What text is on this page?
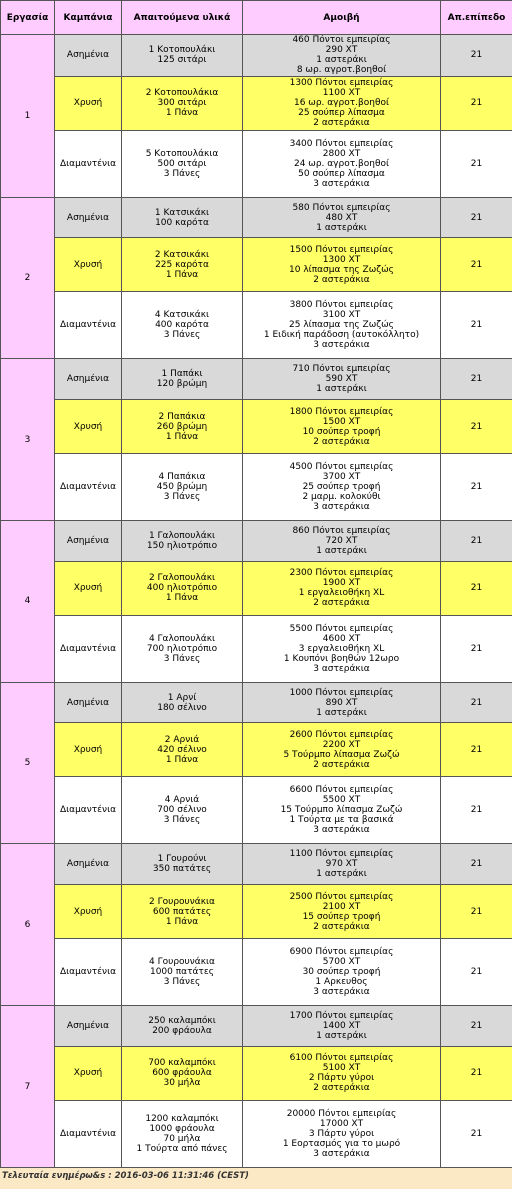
Εργασία	Καμπάνια	Απαιτούμενα υλικά	Αμοιβή	Απ.επίπεδο
1	Ασημένια	1 Κοτοπουλάκι
125 σιτάρι	460 Πόντοι εμπειρίας
290 ΧΤ
1 αστεράκι
8 ωρ. αγροτ.βοηθοί	21
	Χρυσή	2 Κοτοπουλάκια
300 σιτάρι
1 Πάνα	1300 Πόντοι εμπειρίας
1100 ΧΤ
16 ωρ. αγροτ.βοηθοί
25 σούπερ λίπασμα
2 αστεράκια	21
	Διαμαντένια	5 Κοτοπουλάκια
500 σιτάρι
3 Πάνες	3400 Πόντοι εμπειρίας
2800 ΧΤ
24 ωρ. αγροτ.βοηθοί
50 σούπερ λίπασμα
3 αστεράκια	21
2	Ασημένια	1 Κατσικάκι
100 καρότα	580 Πόντοι εμπειρίας
480 ΧΤ
1 αστεράκι	21
	Χρυσή	2 Κατσικάκι
225 καρότα
1 Πάνα	1500 Πόντοι εμπειρίας
1300 ΧΤ
10 λίπασμα της Ζωζώς
2 αστεράκια	21
	Διαμαντένια	4 Κατσικάκι
400 καρότα
3 Πάνες	3800 Πόντοι εμπειρίας
3100 ΧΤ
25 λίπασμα της Ζωζώς
1 Ειδική παράδοση (αυτοκόλλητο)
3 αστεράκια	21
3	Ασημένια	1 Παπάκι
120 βρώμη	710 Πόντοι εμπειρίας
590 ΧΤ
1 αστεράκι	21
	Χρυσή	2 Παπάκια
260 βρώμη
1 Πάνα	1800 Πόντοι εμπειρίας
1500 ΧΤ
10 σούπερ τροφή
2 αστεράκια	21
	Διαμαντένια	4 Παπάκια
450 βρώμη
3 Πάνες	4500 Πόντοι εμπειρίας
3700 ΧΤ
25 σούπερ τροφή
2 μαρμ. κολοκύθι
3 αστεράκια	21
4	Ασημένια	1 Γαλοπουλάκι
150 ηλιοτρόπιο	860 Πόντοι εμπειρίας
720 ΧΤ
1 αστεράκι	21
	Χρυσή	2 Γαλοπουλάκι
400 ηλιοτρόπιο
1 Πάνα	2300 Πόντοι εμπειρίας
1900 ΧΤ
1 εργαλειοθήκη XL
2 αστεράκια	21
	Διαμαντένια	4 Γαλοπουλάκι
700 ηλιοτρόπιο
3 Πάνες	5500 Πόντοι εμπειρίας
4600 ΧΤ
3 εργαλειοθήκη XL
1 Κουπόνι βοηθών 12ωρο
3 αστεράκια	21
5	Ασημένια	1 Αρνί
180 σέλινο	1000 Πόντοι εμπειρίας
890 ΧΤ
1 αστεράκι	21
	Χρυσή	2 Αρνιά
420 σέλινο
1 Πάνα	2600 Πόντοι εμπειρίας
2200 ΧΤ
5 Τούρμπο λίπασμα Ζωζώ
2 αστεράκια	21
	Διαμαντένια	4 Αρνιά
700 σέλινο
3 Πάνες	6600 Πόντοι εμπειρίας
5500 ΧΤ
15 Τούρμπο λίπασμα Ζωζώ
1 Τούρτα με τα βασικά
3 αστεράκια	21
6	Ασημένια	1 Γουρούνι
350 πατάτες	1100 Πόντοι εμπειρίας
970 ΧΤ
1 αστεράκι	21
	Χρυσή	2 Γουρουνάκια
600 πατάτες
1 Πάνα	2500 Πόντοι εμπειρίας
2100 ΧΤ
15 σούπερ τροφή
2 αστεράκια	21
	Διαμαντένια	4 Γουρουνάκια
1000 πατάτες
3 Πάνες	6900 Πόντοι εμπειρίας
5700 ΧΤ
30 σούπερ τροφή
1 Αρκευθος
3 αστεράκια	21
7	Ασημένια	250 καλαμπόκι
200 φράουλα	1700 Πόντοι εμπειρίας
1400 ΧΤ
1 αστεράκι	21
	Χρυσή	700 καλαμπόκι
600 φράουλα
30 μήλα	6100 Πόντοι εμπειρίας
5100 ΧΤ
2 Πάρτυ γύροι
2 αστεράκια	21
	Διαμαντένια	1200 καλαμπόκι
1000 φράουλα
70 μήλα
1 Τούρτα από πάνες	20000 Πόντοι εμπειρίας
17000 ΧΤ
3 Πάρτυ γύροι
1 Εορτασμός για το μωρό
3 αστεράκια	21
Τελευταία ενημέρω&s : 2016-03-06 11:31:46 (CEST)
